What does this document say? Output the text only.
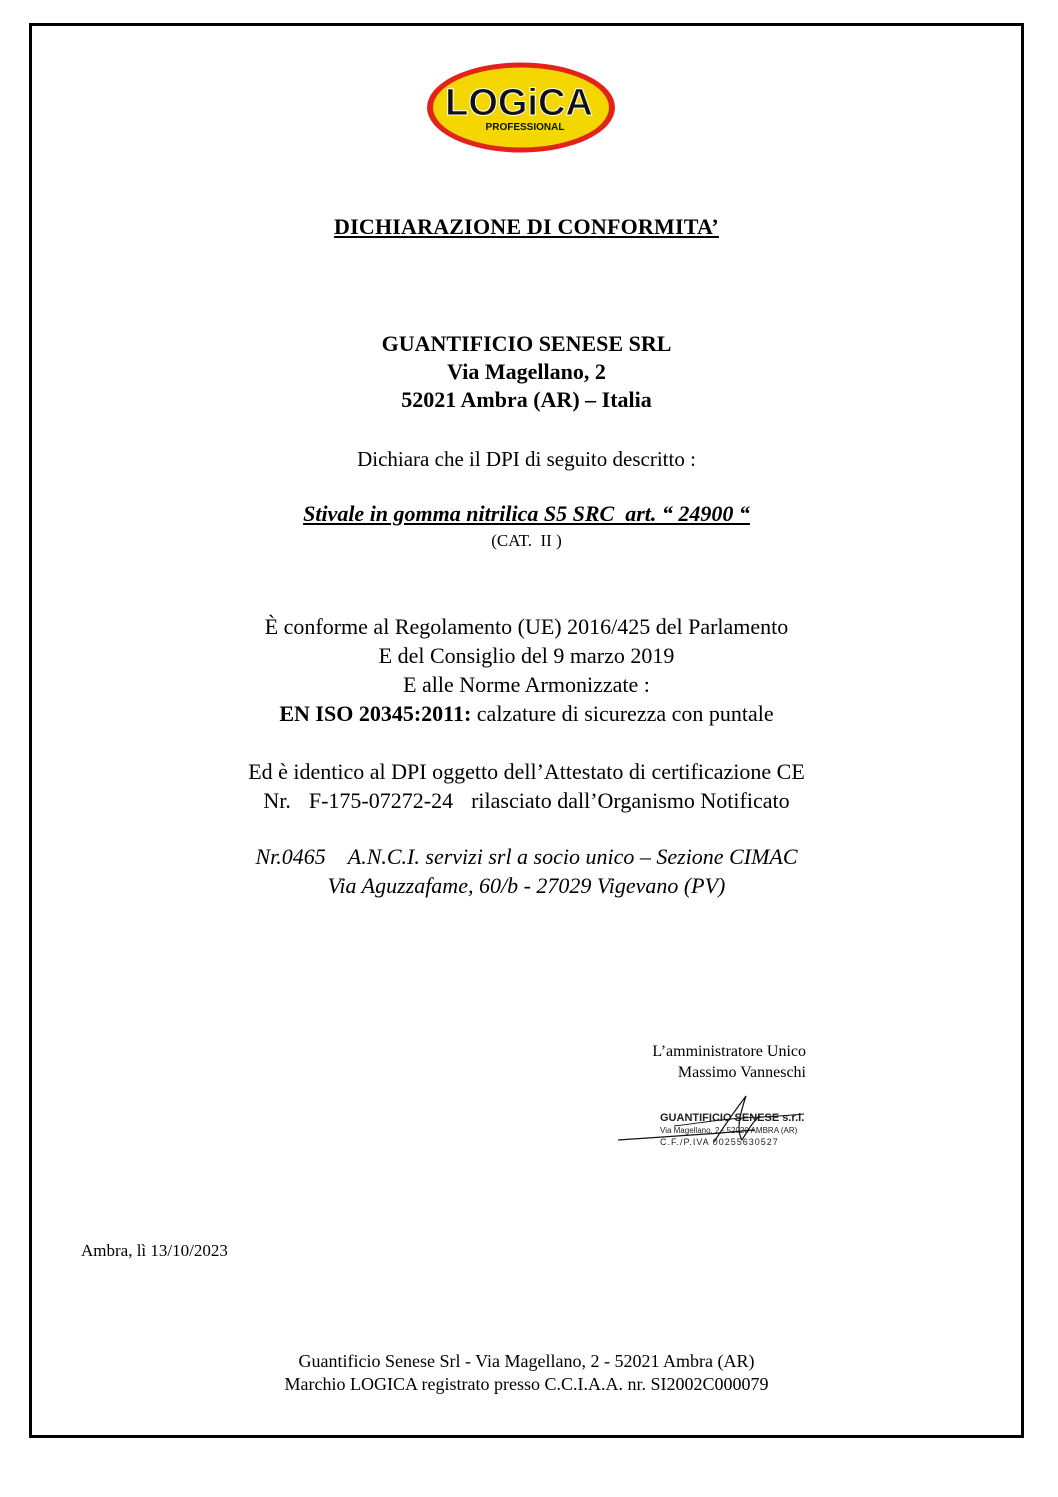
LOGiCA
PROFESSIONAL
DICHIARAZIONE DI CONFORMITA’
GUANTIFICIO SENESE SRL
Via Magellano, 2
52021 Ambra (AR) – Italia
Dichiara che il DPI di seguito descritto :
Stivale in gomma nitrilica S5 SRC  art. “ 24900 “
(CAT.  II )
È conforme al Regolamento (UE) 2016/425 del Parlamento
E del Consiglio del 9 marzo 2019
E alle Norme Armonizzate :
EN ISO 20345:2011: calzature di sicurezza con puntale
Ed è identico al DPI oggetto dell’Attestato di certificazione CE
Nr. F-175-07272-24 rilasciato dall’Organismo Notificato
Nr.0465 A.N.C.I. servizi srl a socio unico – Sezione CIMAC
Via Aguzzafame, 60/b - 27029 Vigevano (PV)
L’amministratore Unico
Massimo Vanneschi
GUANTIFICIO SENESE s.r.l.
Via Magellano, 2 - 52020 AMBRA (AR)
C.F./P.IVA 00255630527
Ambra, lì 13/10/2023
Guantificio Senese Srl - Via Magellano, 2 - 52021 Ambra (AR)
Marchio LOGICA registrato presso C.C.I.A.A. nr. SI2002C000079
